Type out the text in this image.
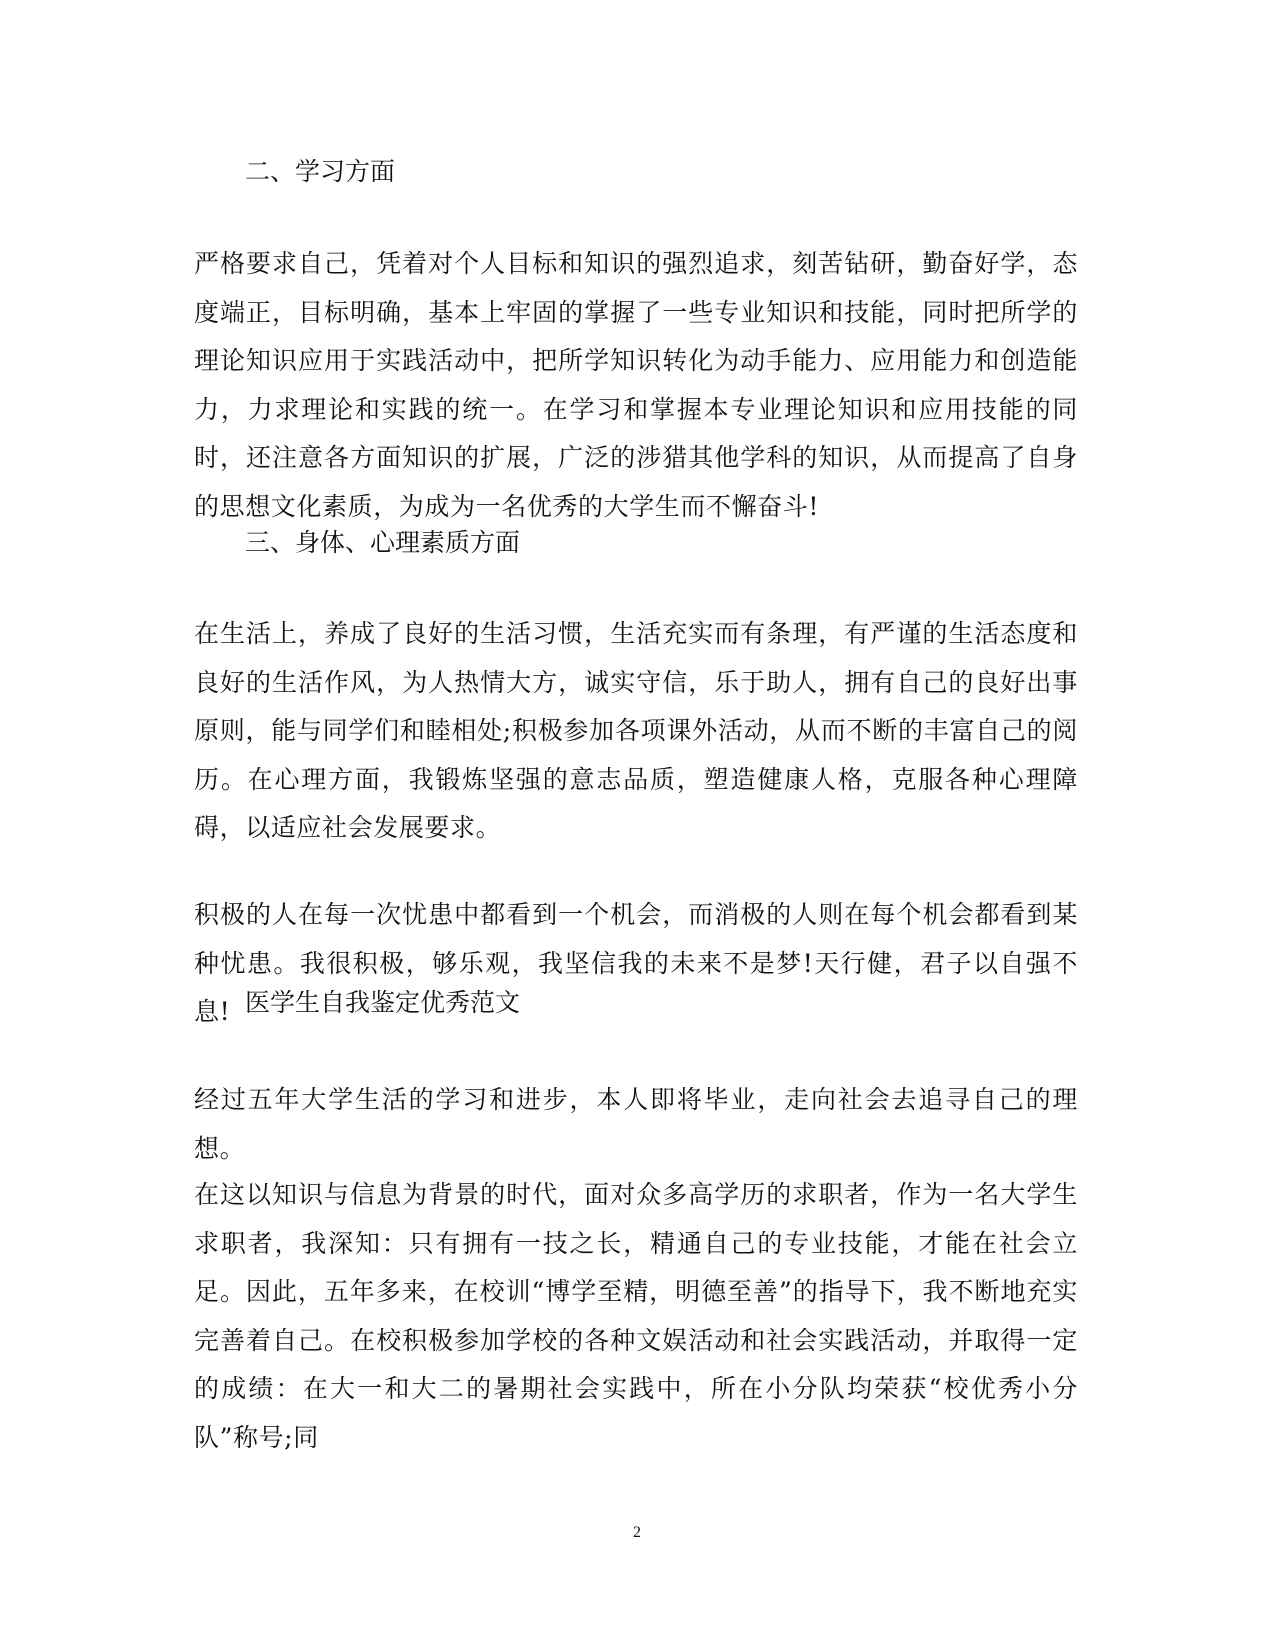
二、学习方面
严格要求自己，凭着对个人目标和知识的强烈追求，刻苦钻研，勤奋好学，态度端正，目标明确，基本上牢固的掌握了一些专业知识和技能，同时把所学的理论知识应用于实践活动中，把所学知识转化为动手能力、应用能力和创造能力，力求理论和实践的统一。在学习和掌握本专业理论知识和应用技能的同时，还注意各方面知识的扩展，广泛的涉猎其他学科的知识，从而提高了自身的思想文化素质，为成为一名优秀的大学生而不懈奋斗!
三、身体、心理素质方面
在生活上，养成了良好的生活习惯，生活充实而有条理，有严谨的生活态度和良好的生活作风，为人热情大方，诚实守信，乐于助人，拥有自己的良好出事原则，能与同学们和睦相处;积极参加各项课外活动，从而不断的丰富自己的阅历。在心理方面，我锻炼坚强的意志品质，塑造健康人格，克服各种心理障碍，以适应社会发展要求。
积极的人在每一次忧患中都看到一个机会，而消极的人则在每个机会都看到某种忧患。我很积极，够乐观，我坚信我的未来不是梦!天行健，君子以自强不息! 医学生自我鉴定优秀范文
经过五年大学生活的学习和进步，本人即将毕业，走向社会去追寻自己的理想。
在这以知识与信息为背景的时代，面对众多高学历的求职者，作为一名大学生求职者，我深知：只有拥有一技之长，精通自己的专业技能，才能在社会立足。因此，五年多来，在校训“博学至精，明德至善”的指导下，我不断地充实完善着自己。在校积极参加学校的各种文娱活动和社会实践活动，并取得一定的成绩：在大一和大二的暑期社会实践中，所在小分队均荣获“校优秀小分队”称号;同
2
